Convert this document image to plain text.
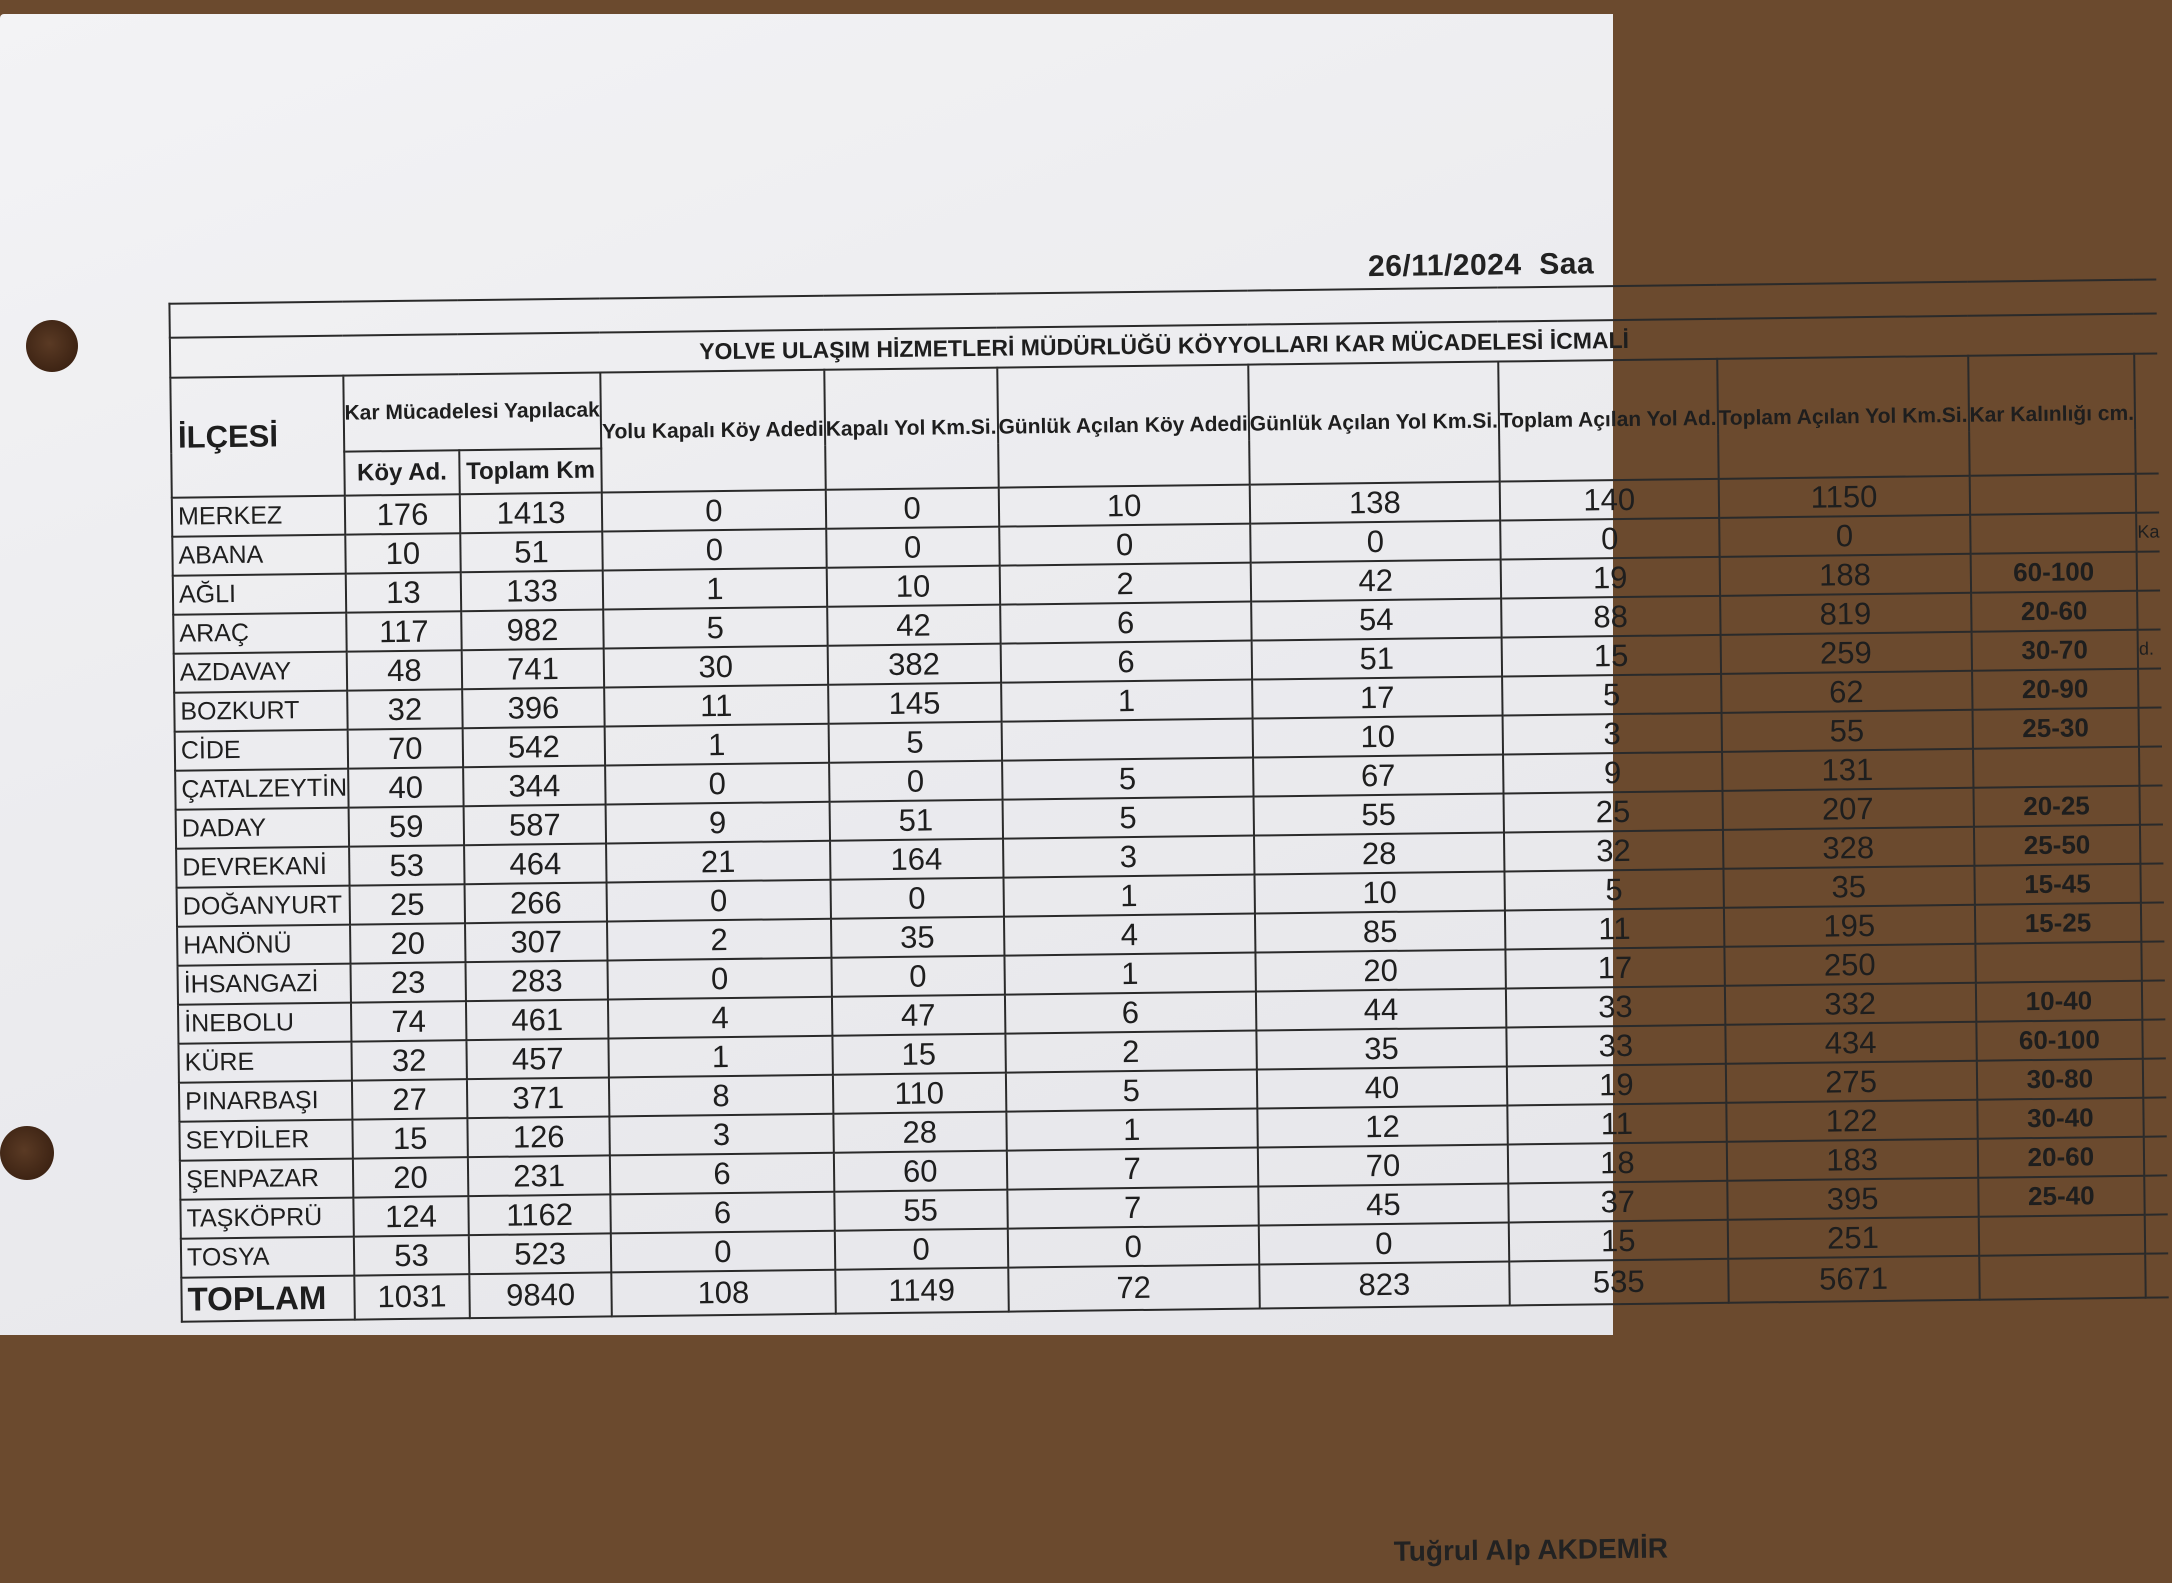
26/11/2024 Saa

YOLVE ULAŞIM HİZMETLERİ MÜDÜRLÜĞÜ KÖYYOLLARI KAR MÜCADELESİ İCMALİ										
İLÇESİ	Kar Mücadelesi Yapılacak		Yolu Kapalı Köy Adedi	Kapalı Yol Km.Si.	Günlük Açılan Köy Adedi	Günlük Açılan Yol Km.Si.	Toplam Açılan Yol Ad.	Toplam Açılan Yol Km.Si.	Kar Kalınlığı cm.	
	Köy Ad.	Toplam Km								
MERKEZ	176	1413	0	0	10	138	140	1150		
ABANA	10	51	0	0	0	0	0	0		Ka
AĞLI	13	133	1	10	2	42	19	188	60-100	
ARAÇ	117	982	5	42	6	54	88	819	20-60	
AZDAVAY	48	741	30	382	6	51	15	259	30-70	d.
BOZKURT	32	396	11	145	1	17	5	62	20-90	
CİDE	70	542	1	5		10	3	55	25-30	
ÇATALZEYTİN	40	344	0	0	5	67	9	131		
DADAY	59	587	9	51	5	55	25	207	20-25	
DEVREKANİ	53	464	21	164	3	28	32	328	25-50	
DOĞANYURT	25	266	0	0	1	10	5	35	15-45	
HANÖNÜ	20	307	2	35	4	85	11	195	15-25	
İHSANGAZİ	23	283	0	0	1	20	17	250		
İNEBOLU	74	461	4	47	6	44	33	332	10-40	
KÜRE	32	457	1	15	2	35	33	434	60-100	
PINARBAŞI	27	371	8	110	5	40	19	275	30-80	
SEYDİLER	15	126	3	28	1	12	11	122	30-40	
ŞENPAZAR	20	231	6	60	7	70	18	183	20-60	
TAŞKÖPRÜ	124	1162	6	55	7	45	37	395	25-40	
TOSYA	53	523	0	0	0	0	15	251		
TOPLAM	1031	9840	108	1149	72	823	535	5671		
Tuğrul Alp AKDEMİR
